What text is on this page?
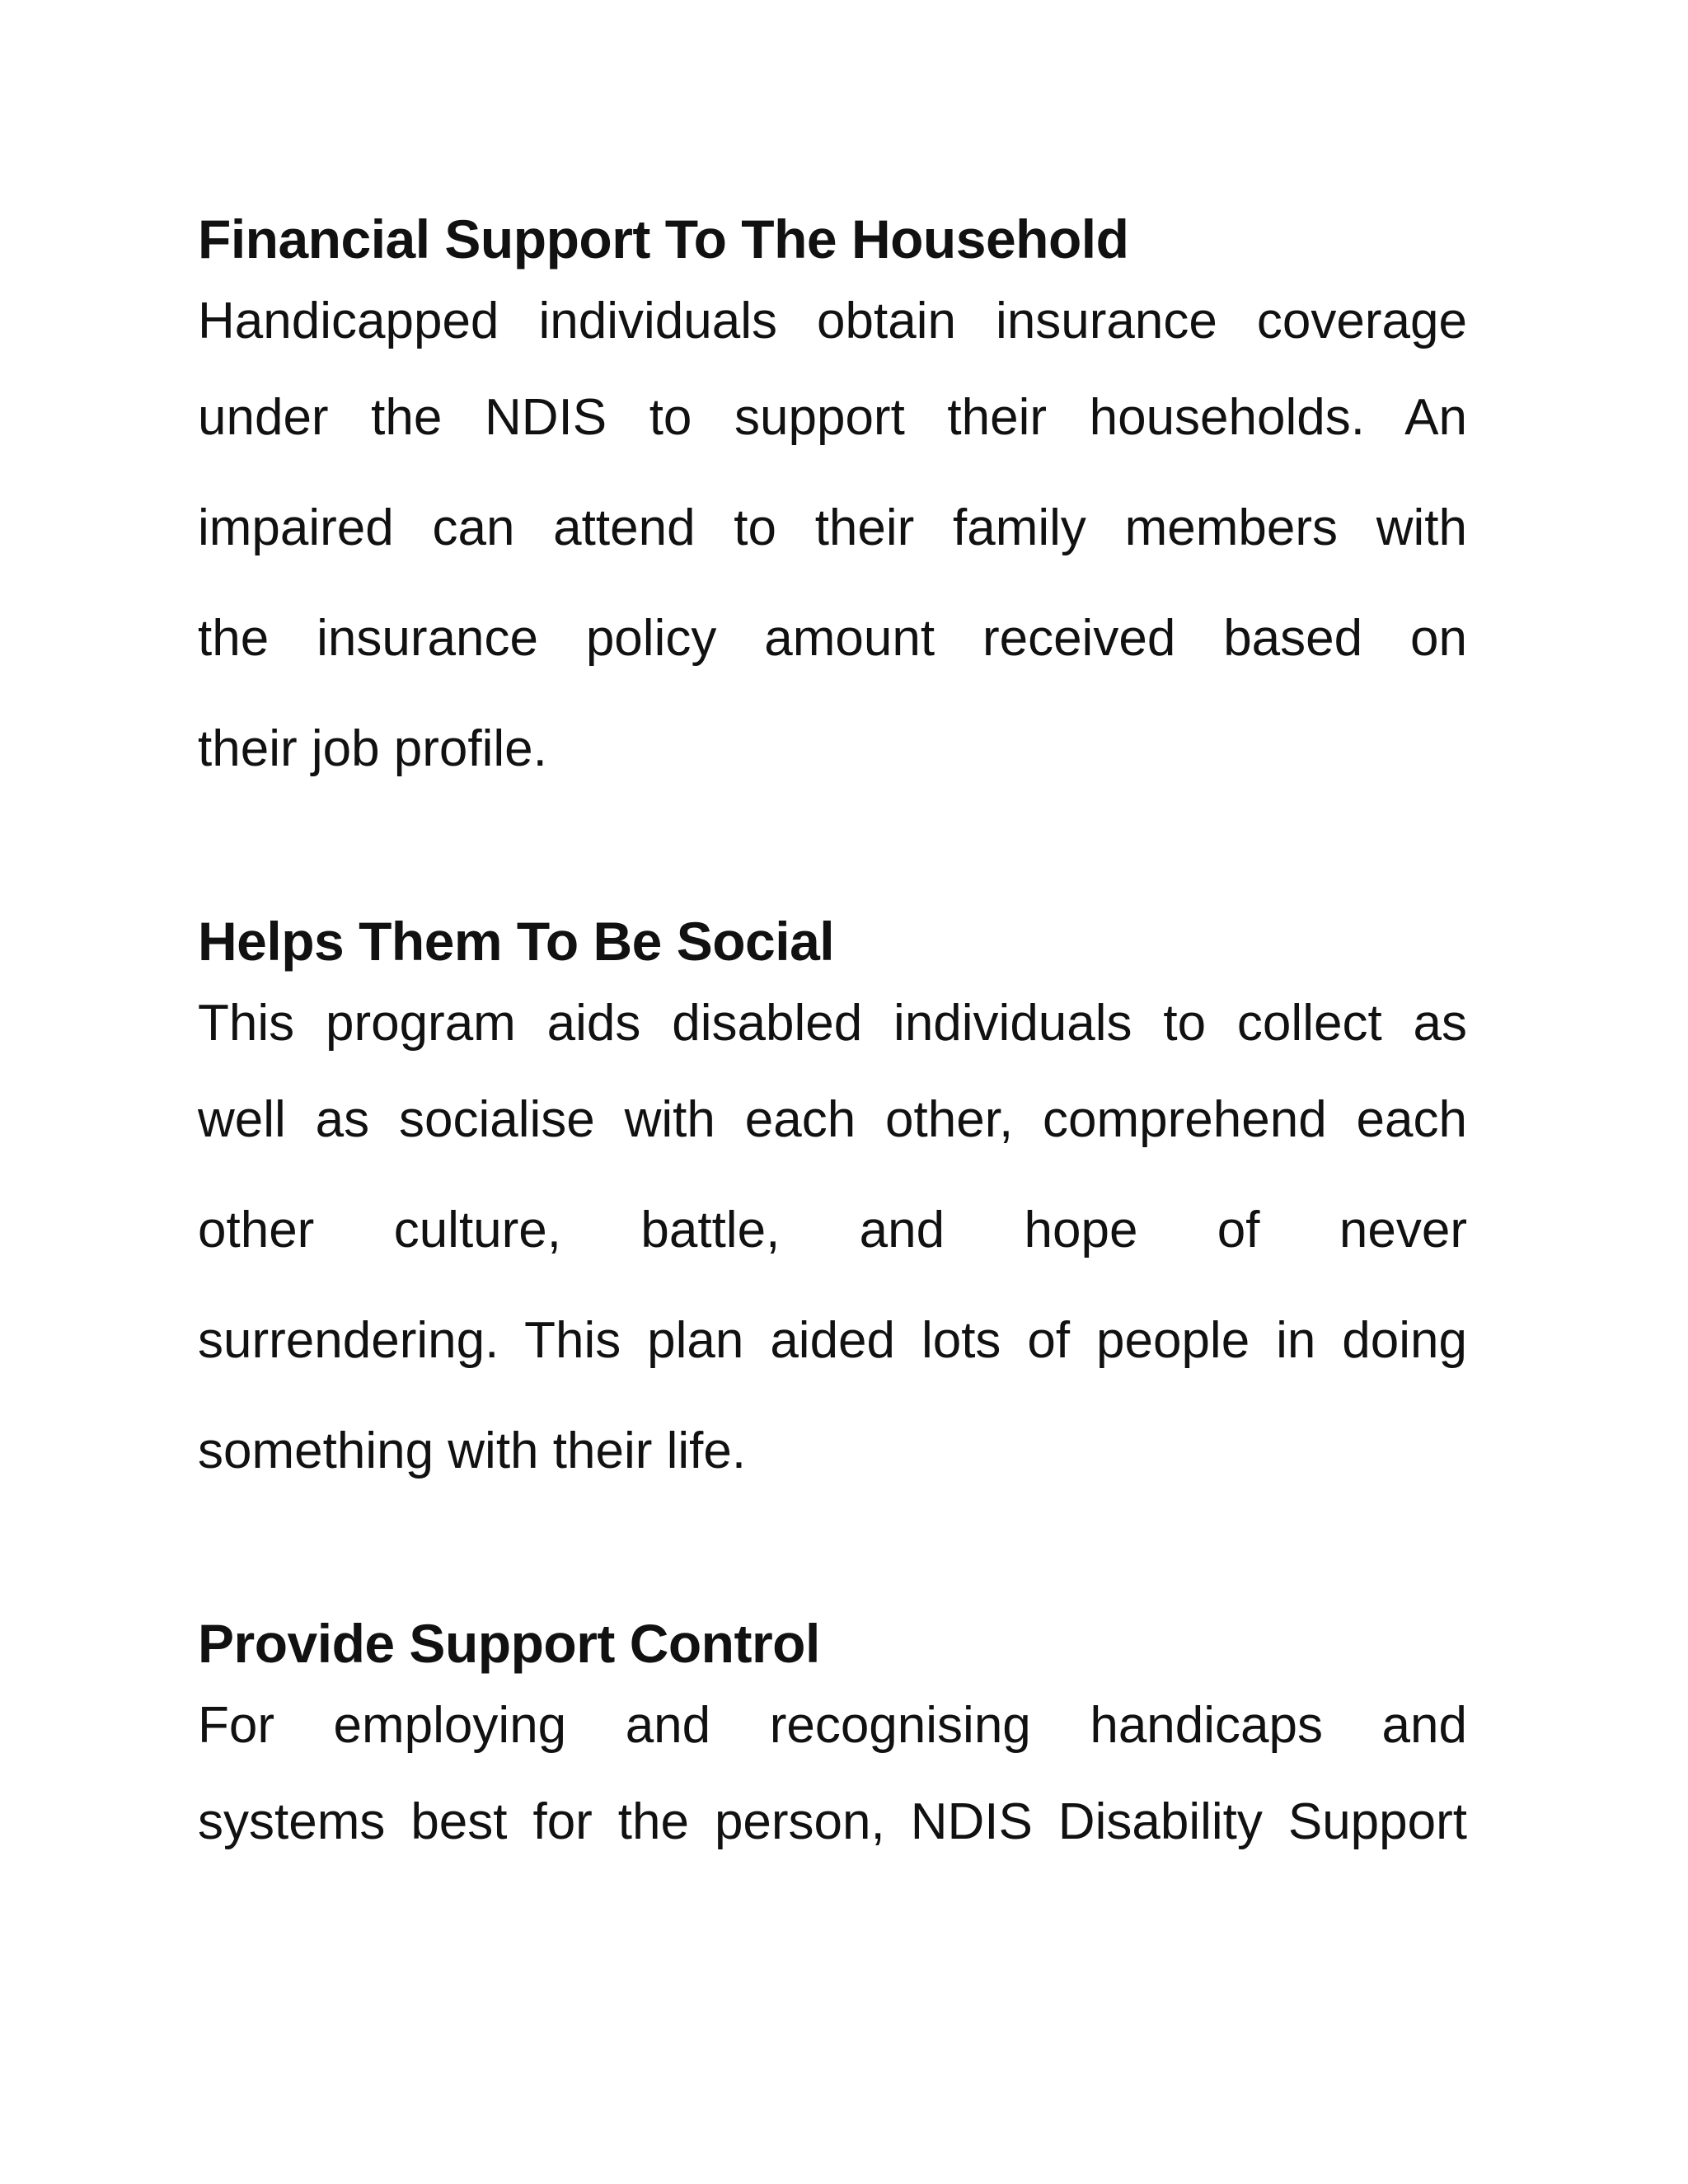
Financial Support To The Household

Handicapped individuals obtain insurance coverage
under the NDIS to support their households. An
impaired can attend to their family members with
the insurance policy amount received based on
their job profile.

Helps Them To Be Social

This program aids disabled individuals to collect as
well as socialise with each other, comprehend each
other culture, battle, and hope of never
surrendering. This plan aided lots of people in doing
something with their life.

Provide Support Control

For employing and recognising handicaps and
systems best for the person, NDIS Disability Support
